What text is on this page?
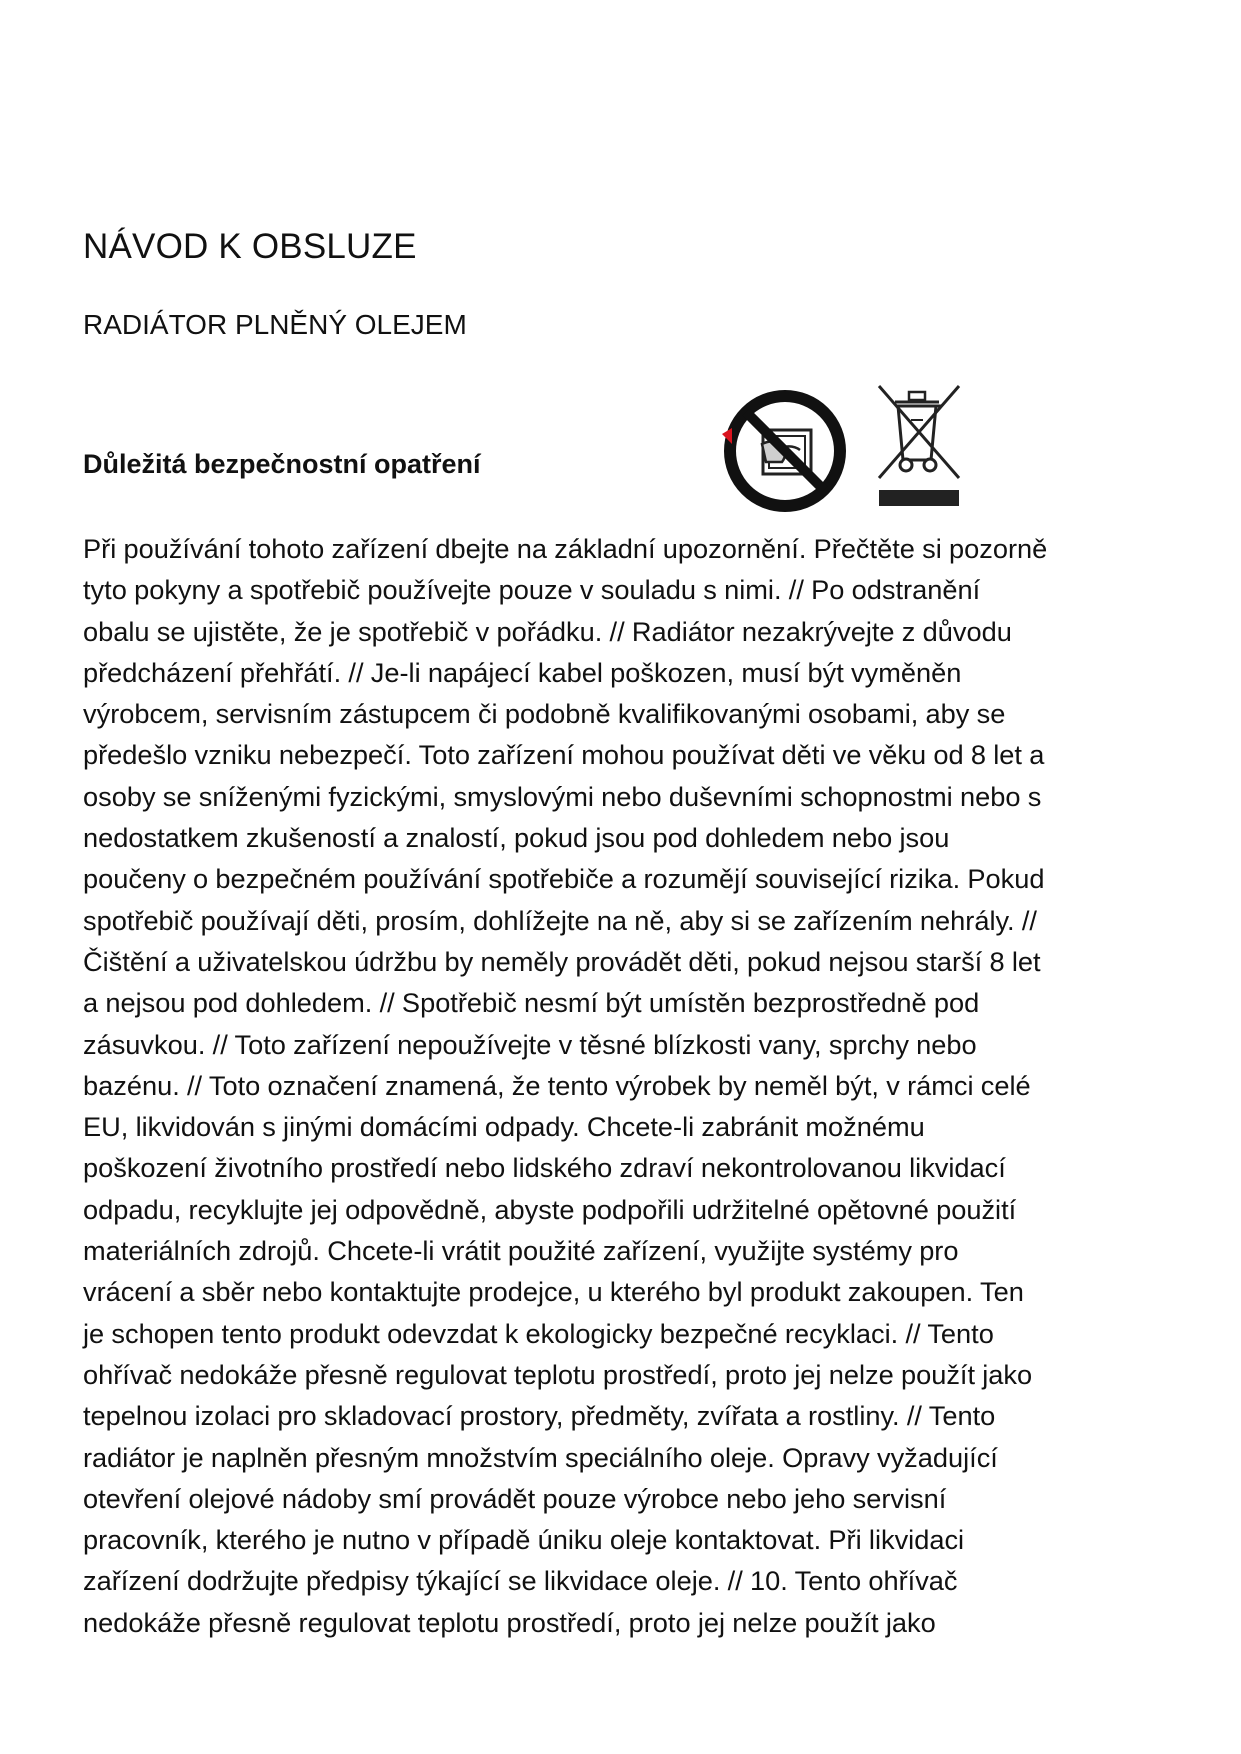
NÁVOD K OBSLUZE
RADIÁTOR PLNĚNÝ OLEJEM
Důležitá bezpečnostní opatření
Při používání tohoto zařízení dbejte na základní upozornění. Přečtěte si pozorně
tyto pokyny a spotřebič používejte pouze v souladu s nimi. // Po odstranění
obalu se ujistěte, že je spotřebič v pořádku. // Radiátor nezakrývejte z důvodu
předcházení přehřátí. // Je-li napájecí kabel poškozen, musí být vyměněn
výrobcem, servisním zástupcem či podobně kvalifikovanými osobami, aby se
předešlo vzniku nebezpečí. Toto zařízení mohou používat děti ve věku od 8 let a
osoby se sníženými fyzickými, smyslovými nebo duševními schopnostmi nebo s
nedostatkem zkušeností a znalostí, pokud jsou pod dohledem nebo jsou
poučeny o bezpečném používání spotřebiče a rozumějí související rizika. Pokud
spotřebič používají děti, prosím, dohlížejte na ně, aby si se zařízením nehrály. //
Čištění a uživatelskou údržbu by neměly provádět děti, pokud nejsou starší 8 let
a nejsou pod dohledem. // Spotřebič nesmí být umístěn bezprostředně pod
zásuvkou. // Toto zařízení nepoužívejte v těsné blízkosti vany, sprchy nebo
bazénu. // Toto označení znamená, že tento výrobek by neměl být, v rámci celé
EU, likvidován s jinými domácími odpady. Chcete-li zabránit možnému
poškození životního prostředí nebo lidského zdraví nekontrolovanou likvidací
odpadu, recyklujte jej odpovědně, abyste podpořili udržitelné opětovné použití
materiálních zdrojů. Chcete-li vrátit použité zařízení, využijte systémy pro
vrácení a sběr nebo kontaktujte prodejce, u kterého byl produkt zakoupen. Ten
je schopen tento produkt odevzdat k ekologicky bezpečné recyklaci. // Tento
ohřívač nedokáže přesně regulovat teplotu prostředí, proto jej nelze použít jako
tepelnou izolaci pro skladovací prostory, předměty, zvířata a rostliny. // Tento
radiátor je naplněn přesným množstvím speciálního oleje. Opravy vyžadující
otevření olejové nádoby smí provádět pouze výrobce nebo jeho servisní
pracovník, kterého je nutno v případě úniku oleje kontaktovat. Při likvidaci
zařízení dodržujte předpisy týkající se likvidace oleje. // 10. Tento ohřívač
nedokáže přesně regulovat teplotu prostředí, proto jej nelze použít jako
